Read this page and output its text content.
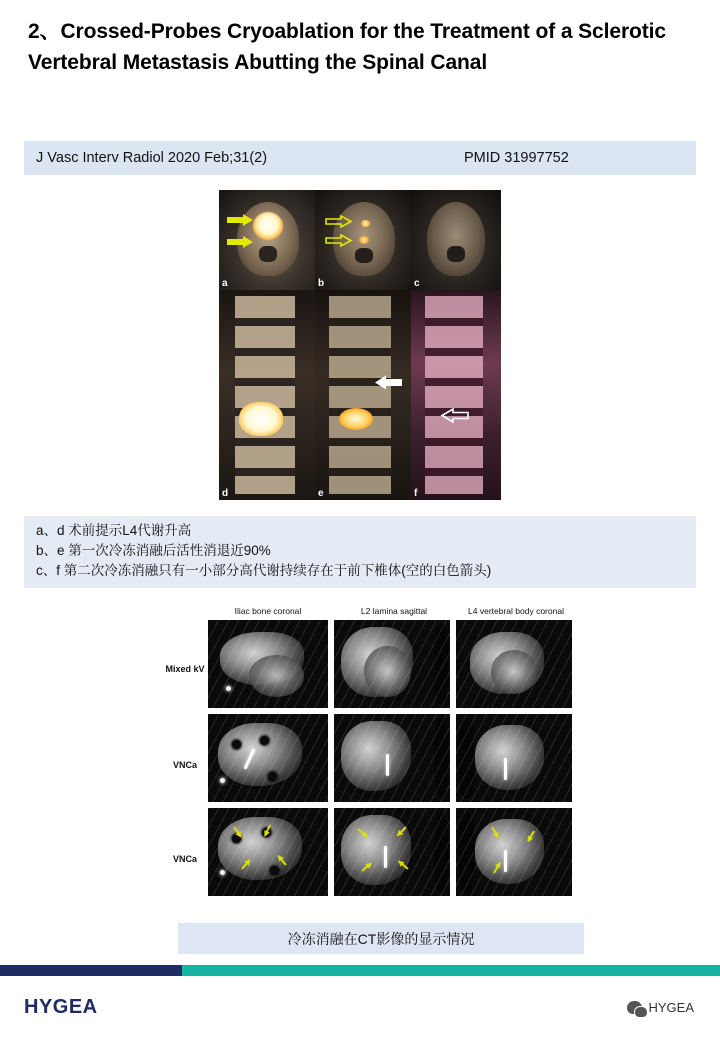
2、Crossed-Probes Cryoablation for the Treatment of a Sclerotic Vertebral Metastasis Abutting the Spinal Canal
J Vasc Interv Radiol 2020 Feb;31(2)	PMID 31997752
a	b	c
d	e	f

a、d 术前提示L4代谢升高

b、e 第一次冷冻消融后活性消退近90%

c、f 第二次冷冻消融只有一小部分高代谢持续存在于前下椎体(空的白色箭头)

Iliac bone coronal	L2 lamina sagittal	L4 vertebral body coronal
Mixed kV
VNCa
VNCa
冷冻消融在CT影像的显示情况
HYGEA	HYGEA
